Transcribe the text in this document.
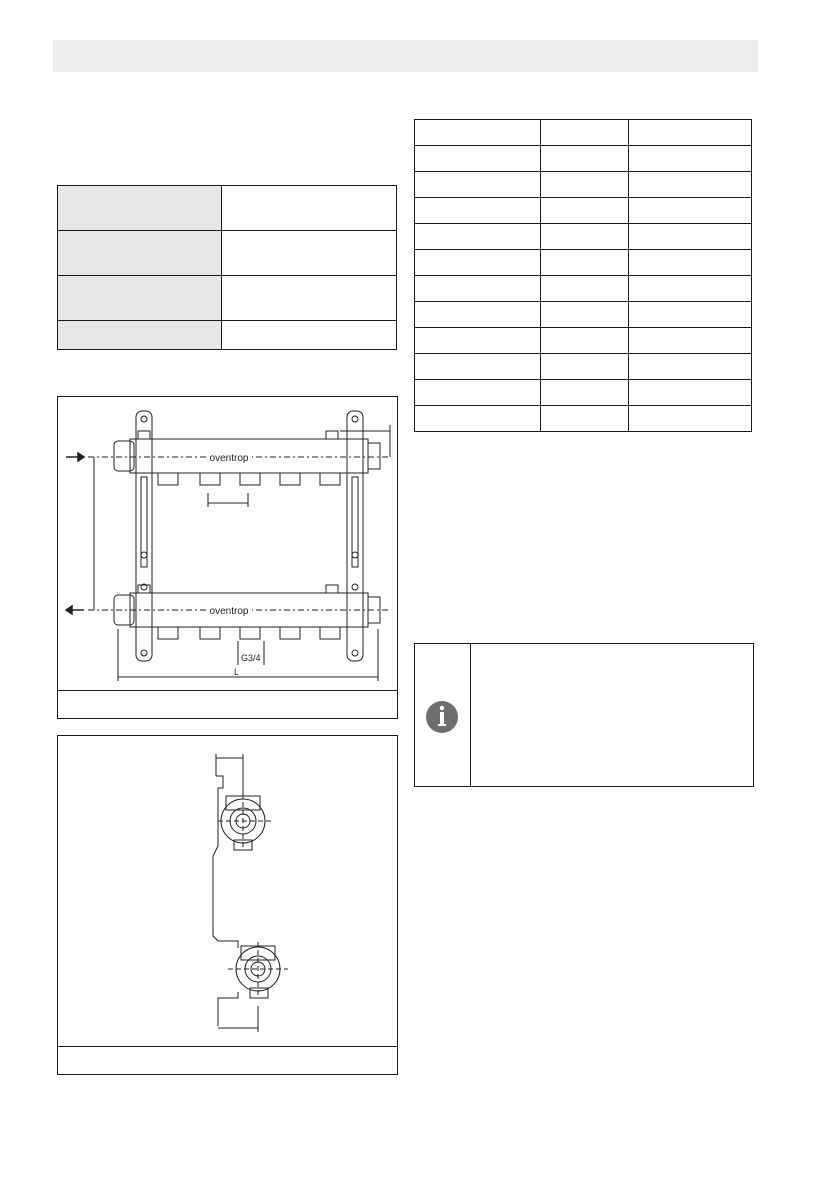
oventrop
oventrop
G3/4
L
